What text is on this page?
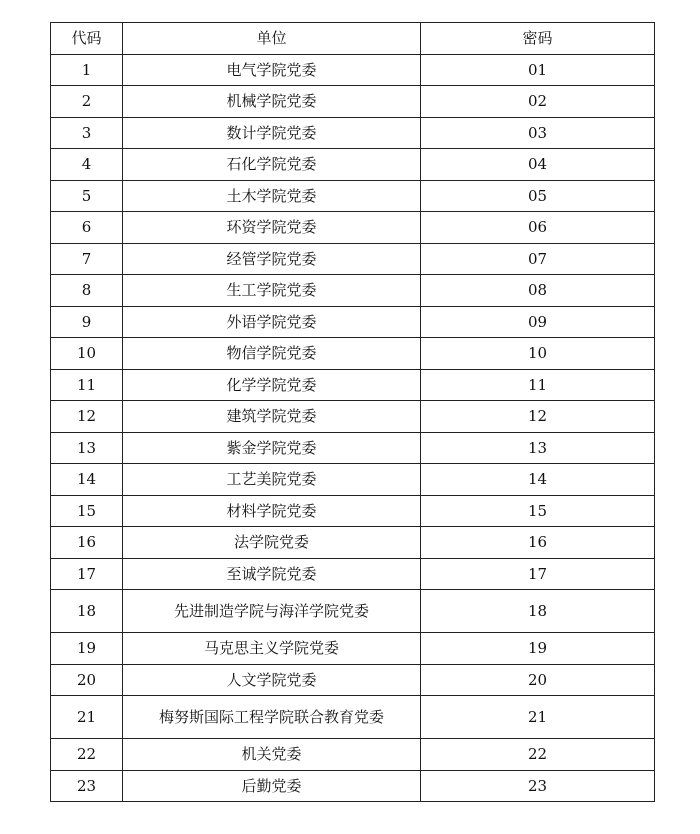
代码	单位	密码
1	电气学院党委	01
2	机械学院党委	02
3	数计学院党委	03
4	石化学院党委	04
5	土木学院党委	05
6	环资学院党委	06
7	经管学院党委	07
8	生工学院党委	08
9	外语学院党委	09
10	物信学院党委	10
11	化学学院党委	11
12	建筑学院党委	12
13	紫金学院党委	13
14	工艺美院党委	14
15	材料学院党委	15
16	法学院党委	16
17	至诚学院党委	17
18	先进制造学院与海洋学院党委	18
19	马克思主义学院党委	19
20	人文学院党委	20
21	梅努斯国际工程学院联合教育党委	21
22	机关党委	22
23	后勤党委	23
